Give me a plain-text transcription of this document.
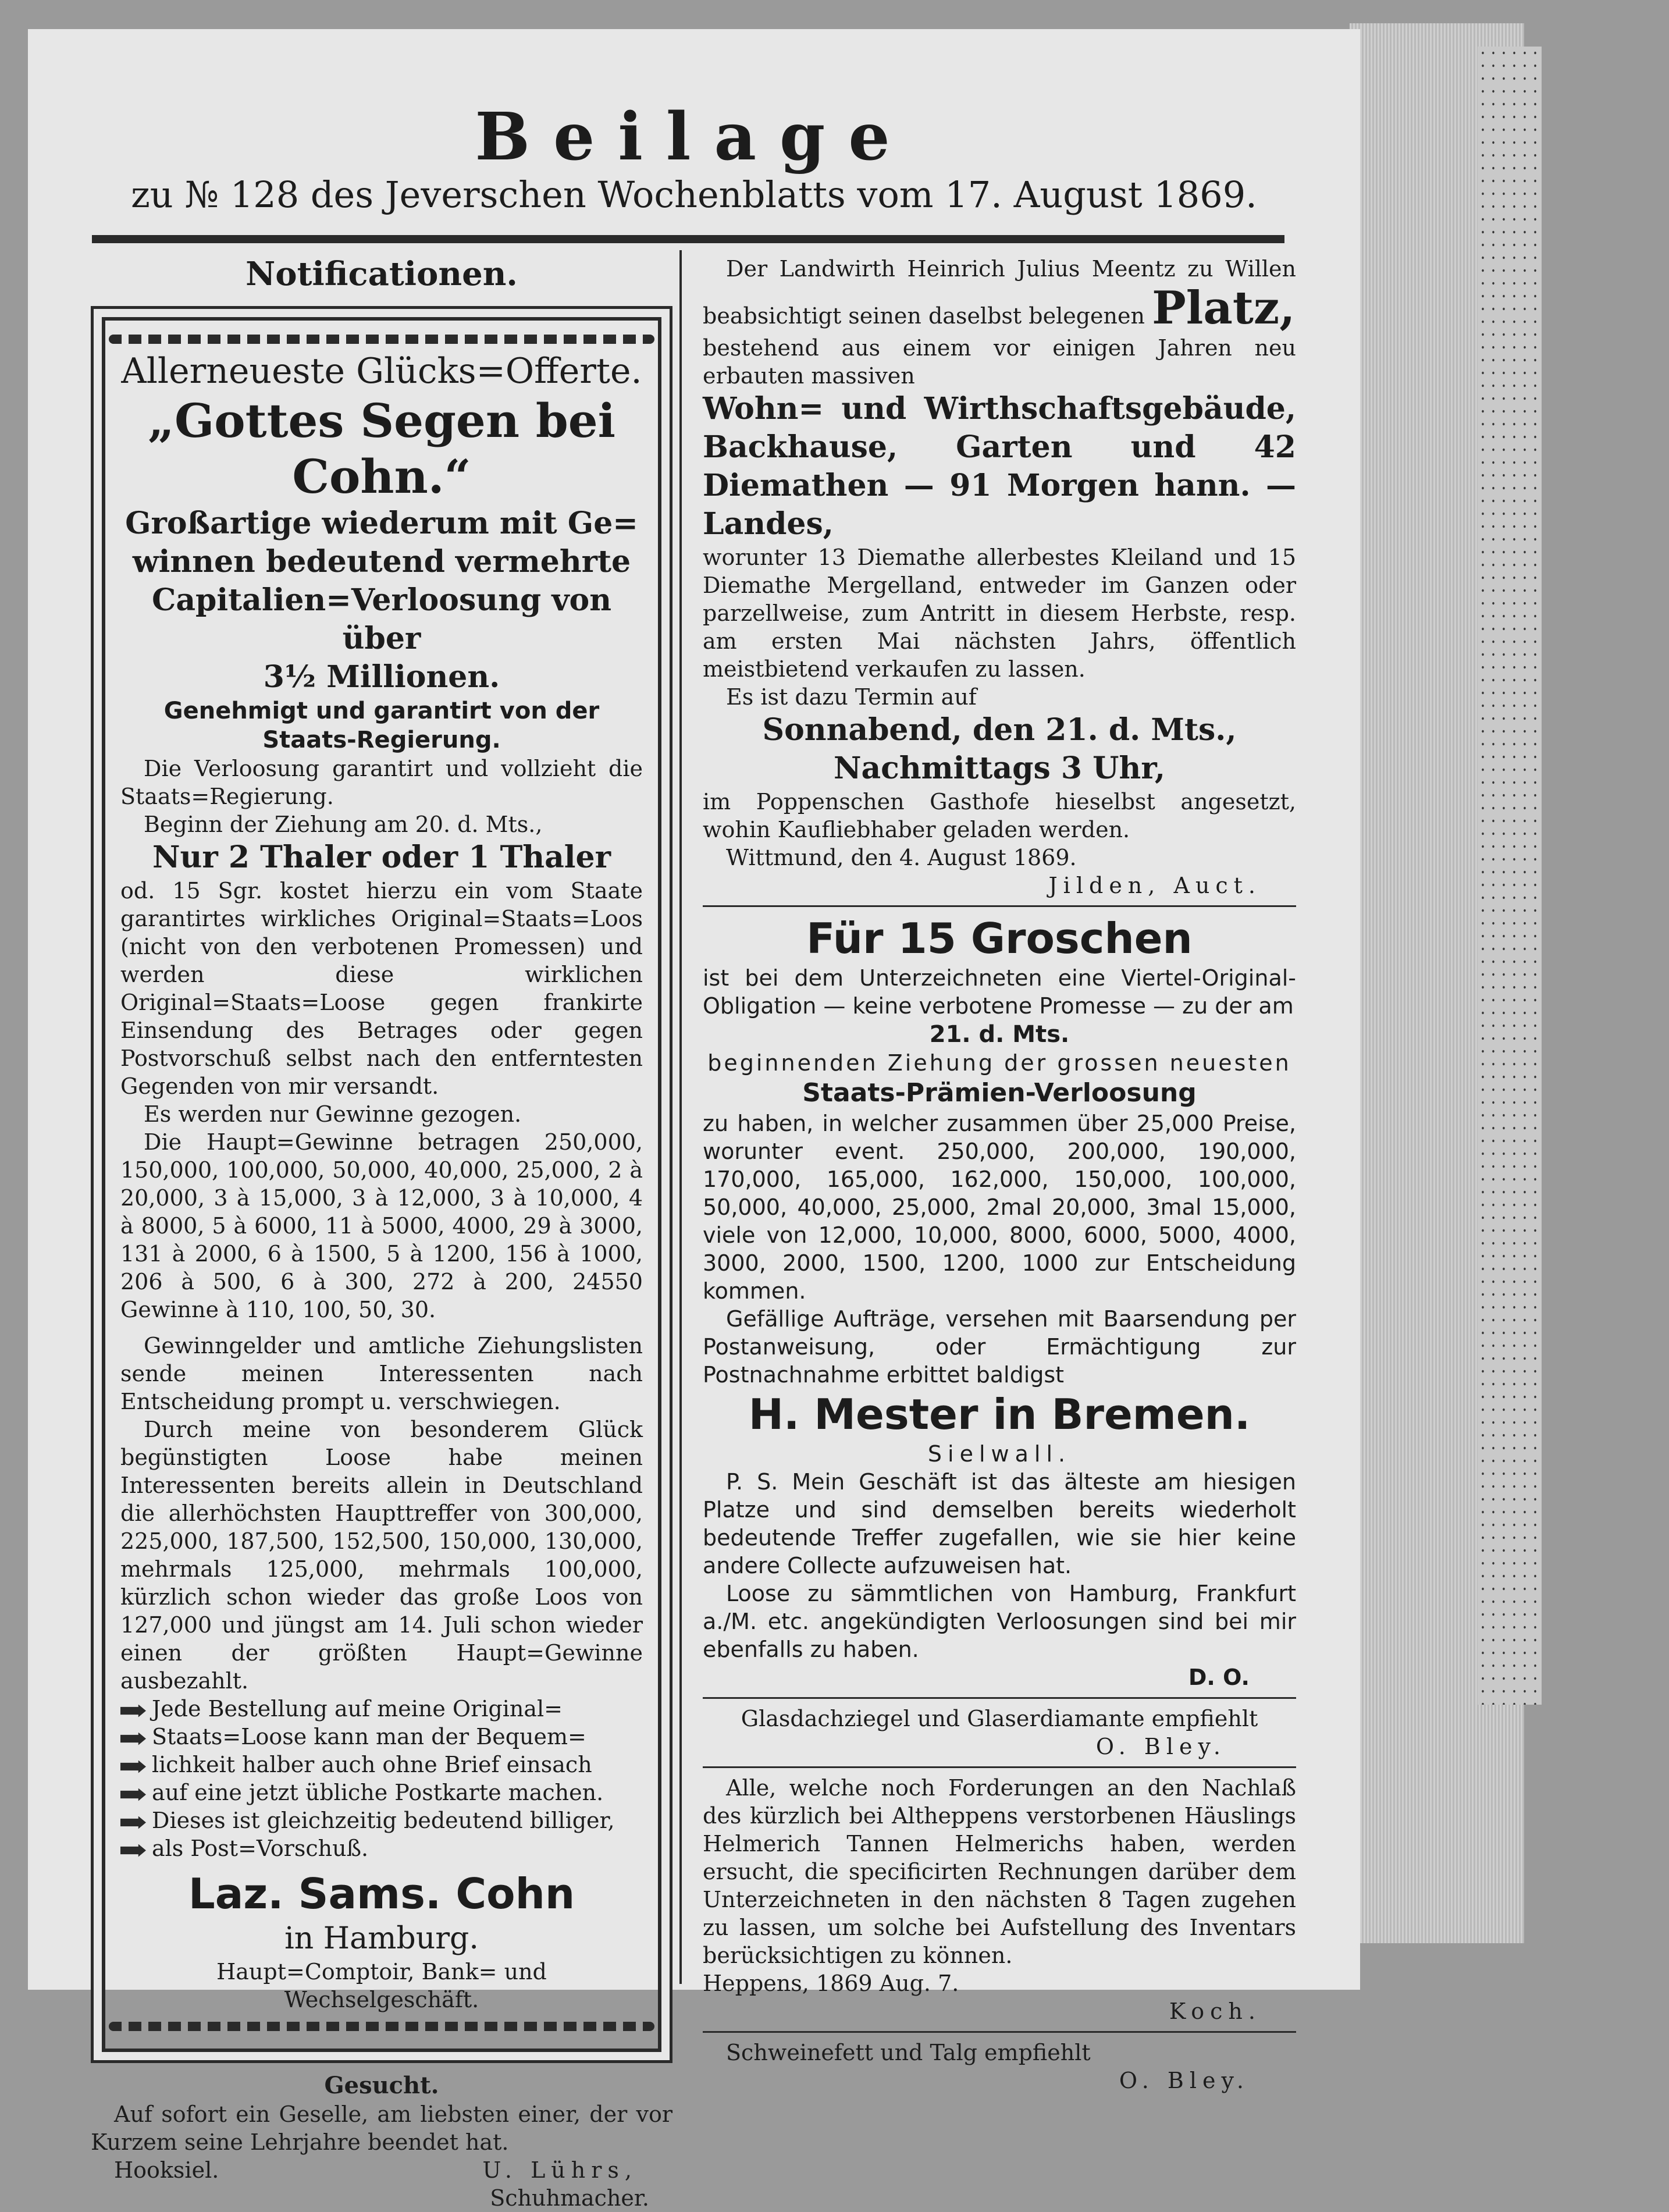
Beilage
zu № 128 des Jeverschen Wochenblatts vom 17. August 1869.
Notificationen.

Allerneueste Glücks=Offerte.

„Gottes Segen bei Cohn.“

Großartige wiederum mit Ge=

winnen bedeutend vermehrte

Capitalien=Verloosung von über

3½ Millionen.

Genehmigt und garantirt von der

Staats-Regierung.

Die Verloosung garantirt und vollzieht die Staats=Regierung.

Beginn der Ziehung am 20. d. Mts.,

Nur 2 Thaler oder 1 Thaler

od. 15 Sgr. kostet hierzu ein vom Staate garantirtes wirkliches Original=Staats=Loos (nicht von den verbotenen Promessen) und werden diese wirklichen Original=Staats=Loose gegen frankirte Einsendung des Betrages oder gegen Postvorschuß selbst nach den entferntesten Gegenden von mir versandt.

Es werden nur Gewinne gezogen.

Die Haupt=Gewinne betragen 250,000, 150,000, 100,000, 50,000, 40,000, 25,000, 2 à 20,000, 3 à 15,000, 3 à 12,000, 3 à 10,000, 4 à 8000, 5 à 6000, 11 à 5000, 4000, 29 à 3000, 131 à 2000, 6 à 1500, 5 à 1200, 156 à 1000, 206 à 500, 6 à 300, 272 à 200, 24550 Gewinne à 110, 100, 50, 30.

Gewinngelder und amtliche Ziehungslisten sende meinen Interessenten nach Entscheidung prompt u. verschwiegen.

Durch meine von besonderem Glück begünstigten Loose habe meinen Interessenten bereits allein in Deutschland die allerhöchsten Haupttreffer von 300,000, 225,000, 187,500, 152,500, 150,000, 130,000, mehrmals 125,000, mehrmals 100,000, kürzlich schon wieder das große Loos von 127,000 und jüngst am 14. Juli schon wieder einen der größten Haupt=Gewinne ausbezahlt.

Jede Bestellung auf meine Original=

Staats=Loose kann man der Bequem=

lichkeit halber auch ohne Brief einsach

auf eine jetzt übliche Postkarte machen.

Dieses ist gleichzeitig bedeutend billiger,

als Post=Vorschuß.

Laz. Sams. Cohn

in Hamburg.

Haupt=Comptoir, Bank= und Wechselgeschäft.

Gesucht.

Auf sofort ein Geselle, am liebsten einer, der vor Kurzem seine Lehrjahre beendet hat.

Hooksiel.	U. Lührs,

Schuhmacher.

Der Landwirth Heinrich Julius Meentz zu Willen beabsichtigt seinen daselbst belegenen Platz,

bestehend aus einem vor einigen Jahren neu erbauten massiven

Wohn= und Wirthschaftsgebäude, Backhause, Garten und 42 Diemathen — 91 Morgen hann. — Landes,

worunter 13 Diemathe allerbestes Kleiland und 15 Diemathe Mergelland, entweder im Ganzen oder parzellweise, zum Antritt in diesem Herbste, resp. am ersten Mai nächsten Jahrs, öffentlich meistbietend verkaufen zu lassen.

Es ist dazu Termin auf

Sonnabend, den 21. d. Mts.,

Nachmittags 3 Uhr,

im Poppenschen Gasthofe hieselbst angesetzt, wohin Kaufliebhaber geladen werden.

Wittmund, den 4. August 1869.

Jilden, Auct.

Für 15 Groschen

ist bei dem Unterzeichneten eine Viertel-Original-Obligation — keine verbotene Promesse — zu der am

21. d. Mts.

beginnenden Ziehung der grossen neuesten

Staats-Prämien-Verloosung

zu haben, in welcher zusammen über 25,000 Preise, worunter event. 250,000, 200,000, 190,000, 170,000, 165,000, 162,000, 150,000, 100,000, 50,000, 40,000, 25,000, 2mal 20,000, 3mal 15,000, viele von 12,000, 10,000, 8000, 6000, 5000, 4000, 3000, 2000, 1500, 1200, 1000 zur Entscheidung kommen.

Gefällige Aufträge, versehen mit Baarsendung per Postanweisung, oder Ermächtigung zur Postnachnahme erbittet baldigst

H. Mester in Bremen.

Sielwall.

P. S. Mein Geschäft ist das älteste am hiesigen Platze und sind demselben bereits wiederholt bedeutende Treffer zugefallen, wie sie hier keine andere Collecte aufzuweisen hat.

Loose zu sämmtlichen von Hamburg, Frankfurt a./M. etc. angekündigten Verloosungen sind bei mir ebenfalls zu haben.

D. O.

Glasdachziegel und Glaserdiamante empfiehlt

O. Bley.

Alle, welche noch Forderungen an den Nachlaß des kürzlich bei Altheppens verstorbenen Häuslings Helmerich Tannen Helmerichs haben, werden ersucht, die specificirten Rechnungen darüber dem Unterzeichneten in den nächsten 8 Tagen zugehen zu lassen, um solche bei Aufstellung des Inventars berücksichtigen zu können.

Heppens, 1869 Aug. 7.

Koch.

Schweinefett und Talg empfiehlt

O. Bley.
